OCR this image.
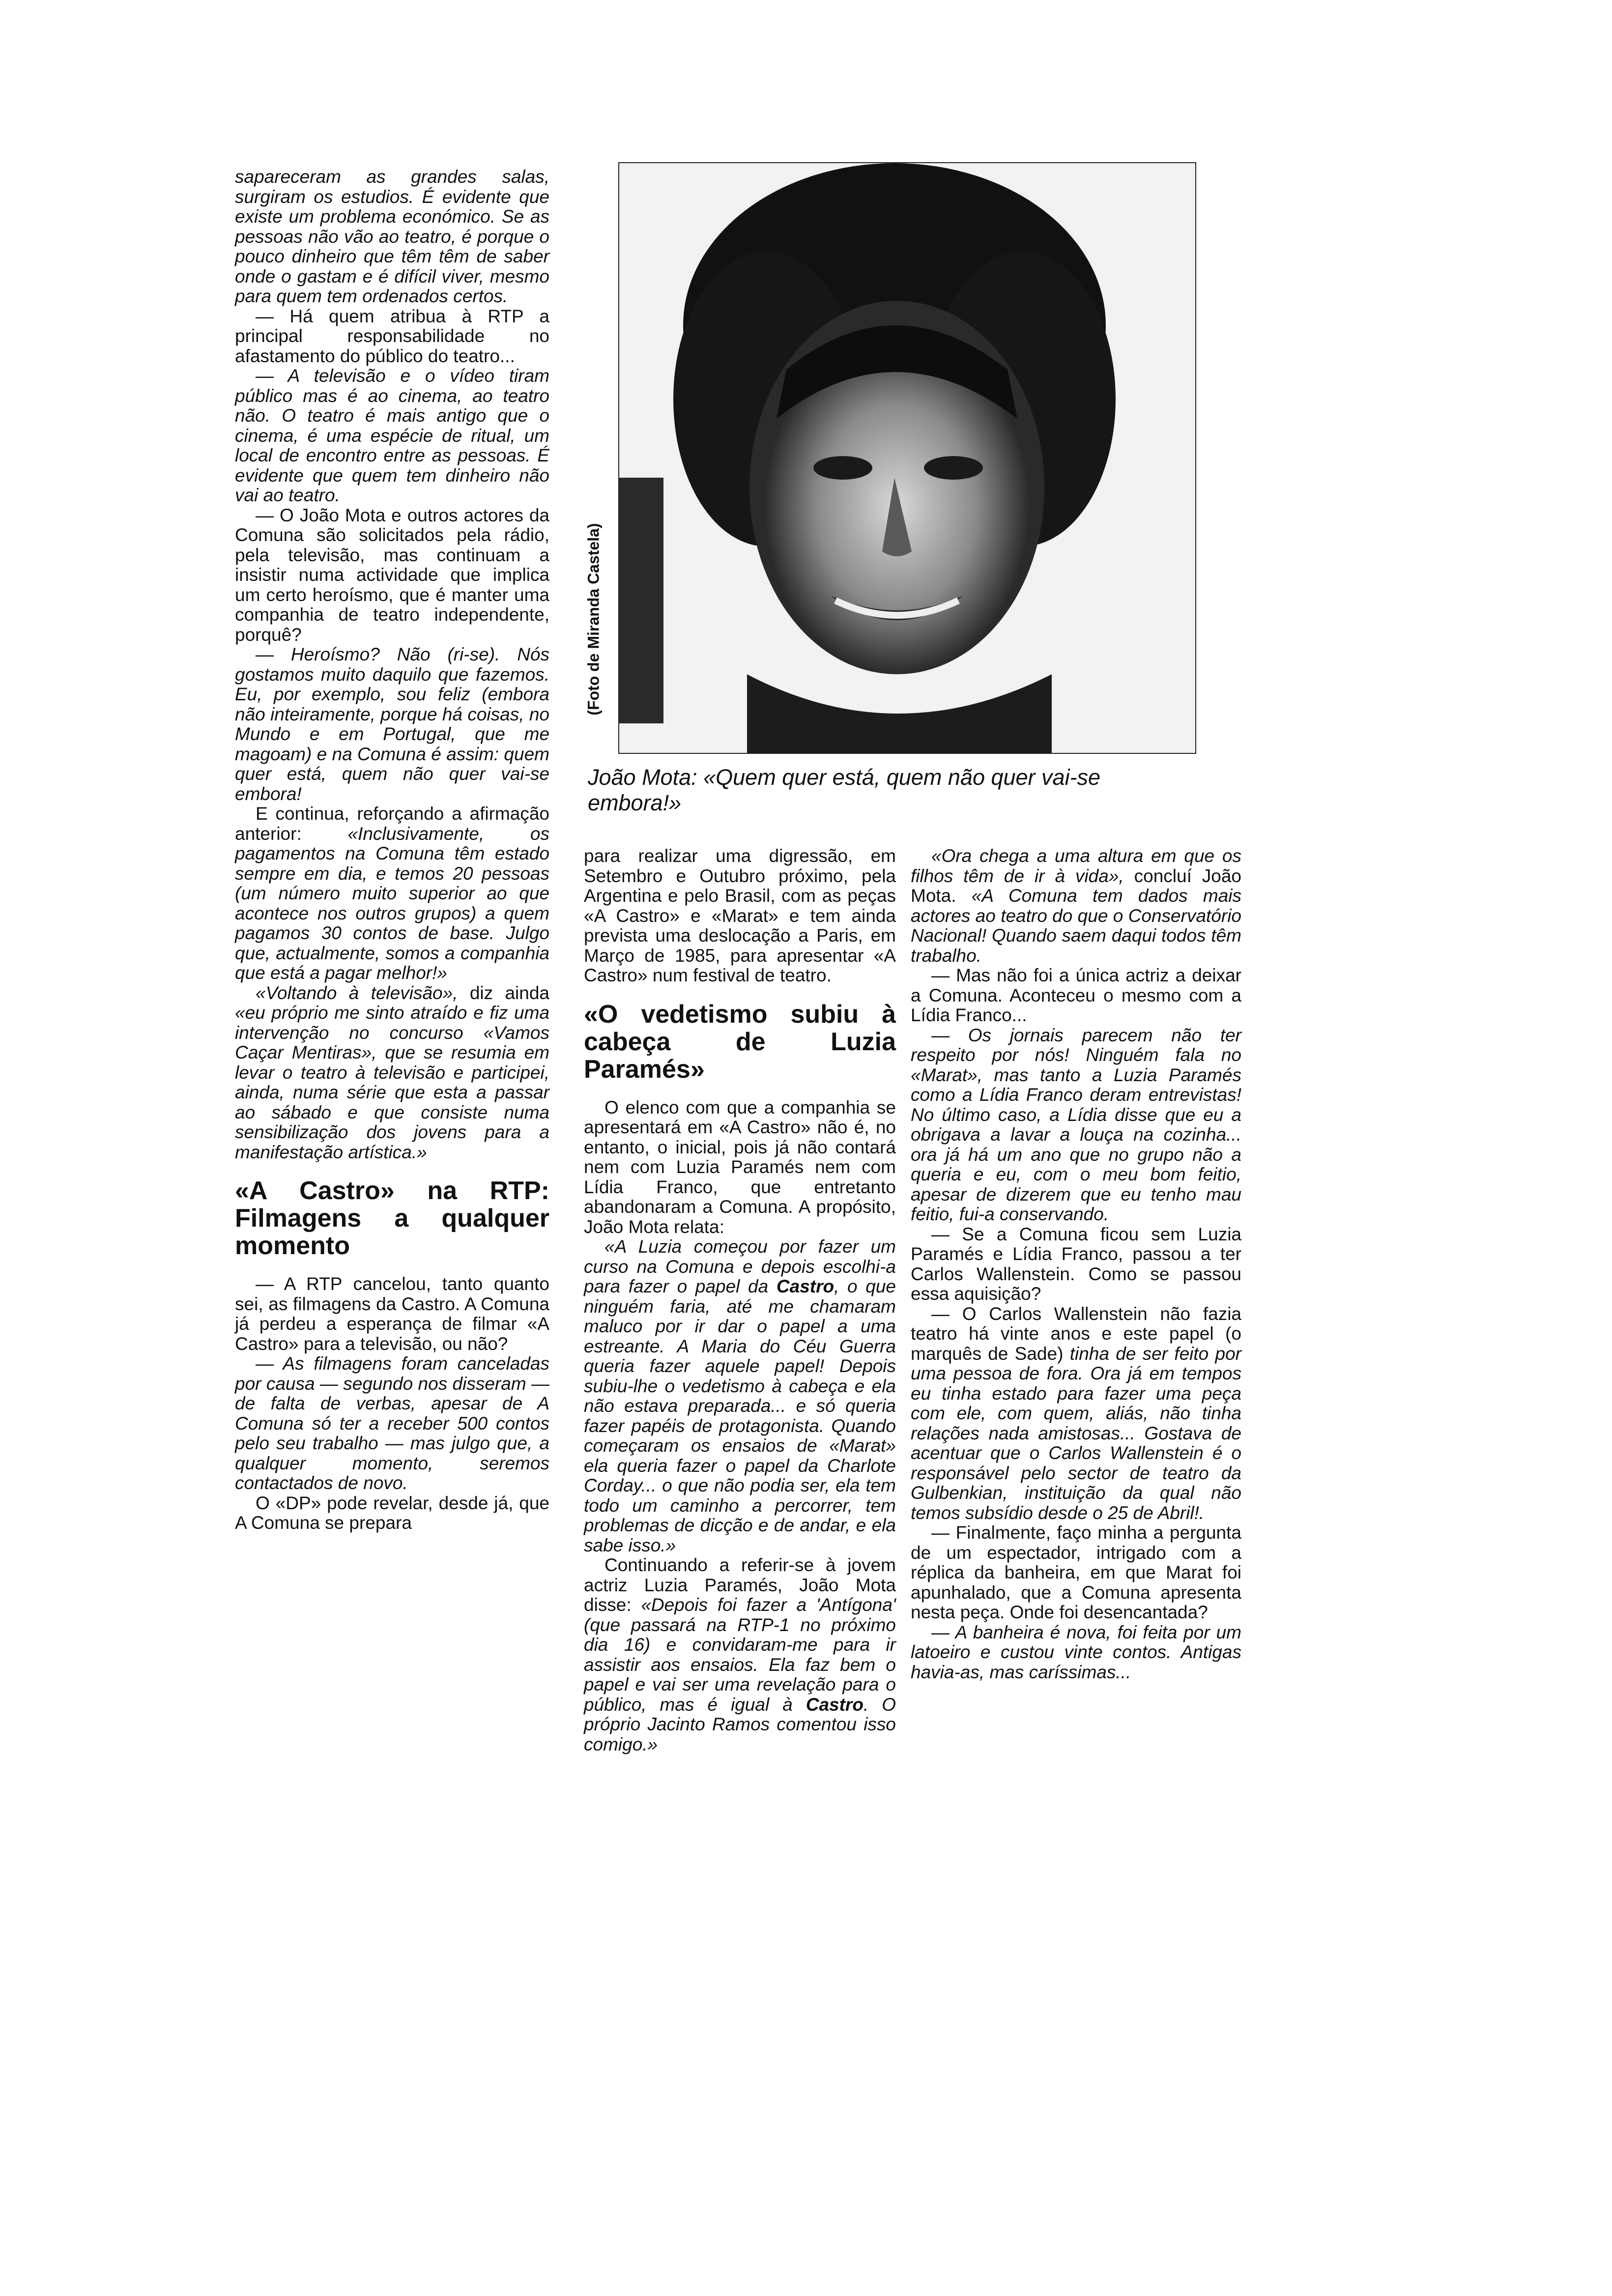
sapareceram as grandes salas, surgiram os estudios. É evidente que existe um problema económico. Se as pessoas não vão ao teatro, é porque o pouco dinheiro que têm têm de saber onde o gastam e é difícil viver, mesmo para quem tem ordenados certos.

— Há quem atribua à RTP a principal responsabilidade no afastamento do público do teatro...

— A televisão e o vídeo tiram público mas é ao cinema, ao teatro não. O teatro é mais antigo que o cinema, é uma espécie de ritual, um local de encontro entre as pessoas. É evidente que quem tem dinheiro não vai ao teatro.

— O João Mota e outros actores da Comuna são solicitados pela rádio, pela televisão, mas continuam a insistir numa actividade que implica um certo heroísmo, que é manter uma companhia de teatro independente, porquê?

— Heroísmo? Não (ri-se). Nós gostamos muito daquilo que fazemos. Eu, por exemplo, sou feliz (embora não inteiramente, porque há coisas, no Mundo e em Portugal, que me magoam) e na Comuna é assim: quem quer está, quem não quer vai-se embora!

E continua, reforçando a afirmação anterior:	«Inclusivamente, os pagamentos na Comuna têm estado sempre em dia, e temos 20 pessoas (um número muito superior ao que acontece nos outros grupos) a quem pagamos 30 contos de base. Julgo que, actualmente, somos a companhia que está a pagar melhor!»

«Voltando à televisão», diz ainda «eu próprio me sinto atraído e fiz uma intervenção no concurso «Vamos Caçar Mentiras», que se resumia em levar o teatro à televisão e participei, ainda, numa série que esta a passar ao sábado e que consiste numa sensibilização dos jovens para a manifestação artística.»

«A Castro» na RTP: Filmagens a qualquer momento

— A RTP cancelou, tanto quanto sei, as filmagens da Castro. A Comuna já perdeu a esperança de filmar «A Castro» para a televisão, ou não?

— As filmagens foram canceladas por causa — segundo nos disseram — de falta de verbas, apesar de A Comuna só ter a receber 500 contos pelo seu trabalho — mas julgo que, a qualquer momento, seremos contactados de novo.

O «DP» pode revelar, desde já, que A Comuna se prepara

(Foto de Miranda Castela)
João Mota: «Quem quer está, quem não quer vai-se embora!»

para realizar uma digressão, em Setembro e Outubro próximo, pela Argentina e pelo Brasil, com as peças «A Castro» e «Marat» e tem ainda prevista uma deslocação a Paris, em Março de 1985, para apresentar «A Castro» num festival de teatro.

«O vedetismo subiu à cabeça de Luzia Paramés»

O elenco com que a companhia se apresentará em «A Castro» não é, no entanto, o inicial, pois já não contará nem com Luzia Paramés nem com Lídia Franco, que entretanto abandonaram a Comuna. A propósito, João Mota relata:

«A Luzia começou por fazer um curso na Comuna e depois escolhi-a para fazer o papel da Castro, o que ninguém faria, até me chamaram maluco por ir dar o papel a uma estreante. A Maria do Céu Guerra queria fazer aquele papel! Depois subiu-lhe o vedetismo à cabeça e ela não estava preparada... e só queria fazer papéis de protagonista. Quando começaram os ensaios de «Marat» ela queria fazer o papel da Charlote Corday... o que não podia ser, ela tem todo um caminho a percorrer, tem problemas de dicção e de andar, e ela sabe isso.»

Continuando a referir-se à jovem actriz Luzia Paramés, João Mota disse: «Depois foi fazer a 'Antígona' (que passará na RTP-1 no próximo dia 16) e convidaram-me para ir assistir aos ensaios. Ela faz bem o papel e vai ser uma revelação para o público, mas é igual à Castro. O próprio Jacinto Ramos comentou isso comigo.»

«Ora chega a uma altura em que os filhos têm de ir à vida», concluí João Mota. «A Comuna tem dados mais actores ao teatro do que o Conservatório Nacional! Quando saem daqui todos têm trabalho.

— Mas não foi a única actriz a deixar a Comuna. Aconteceu o mesmo com a Lídia Franco...

— Os jornais parecem não ter respeito por nós! Ninguém fala no «Marat», mas tanto a Luzia Paramés como a Lídia Franco deram entrevistas! No último caso, a Lídia disse que eu a obrigava a lavar a louça na cozinha... ora já há um ano que no grupo não a queria e eu, com o meu bom feitio, apesar de dizerem que eu tenho mau feitio, fui-a conservando.

— Se a Comuna ficou sem Luzia Paramés e Lídia Franco, passou a ter Carlos Wallenstein. Como se passou essa aquisição?

— O Carlos Wallenstein não fazia teatro há vinte anos e este papel (o marquês de Sade) tinha de ser feito por uma pessoa de fora. Ora já em tempos eu tinha estado para fazer uma peça com ele, com quem, aliás, não tinha relações nada amistosas... Gostava de acentuar que o Carlos Wallenstein é o responsável pelo sector de teatro da Gulbenkian, instituição da qual não temos subsídio desde o 25 de Abril!.

— Finalmente, faço minha a pergunta de um espectador, intrigado com a réplica da banheira, em que Marat foi apunhalado, que a Comuna apresenta nesta peça. Onde foi desencantada?

— A banheira é nova, foi feita por um latoeiro e custou vinte contos. Antigas havia-as, mas caríssimas...
